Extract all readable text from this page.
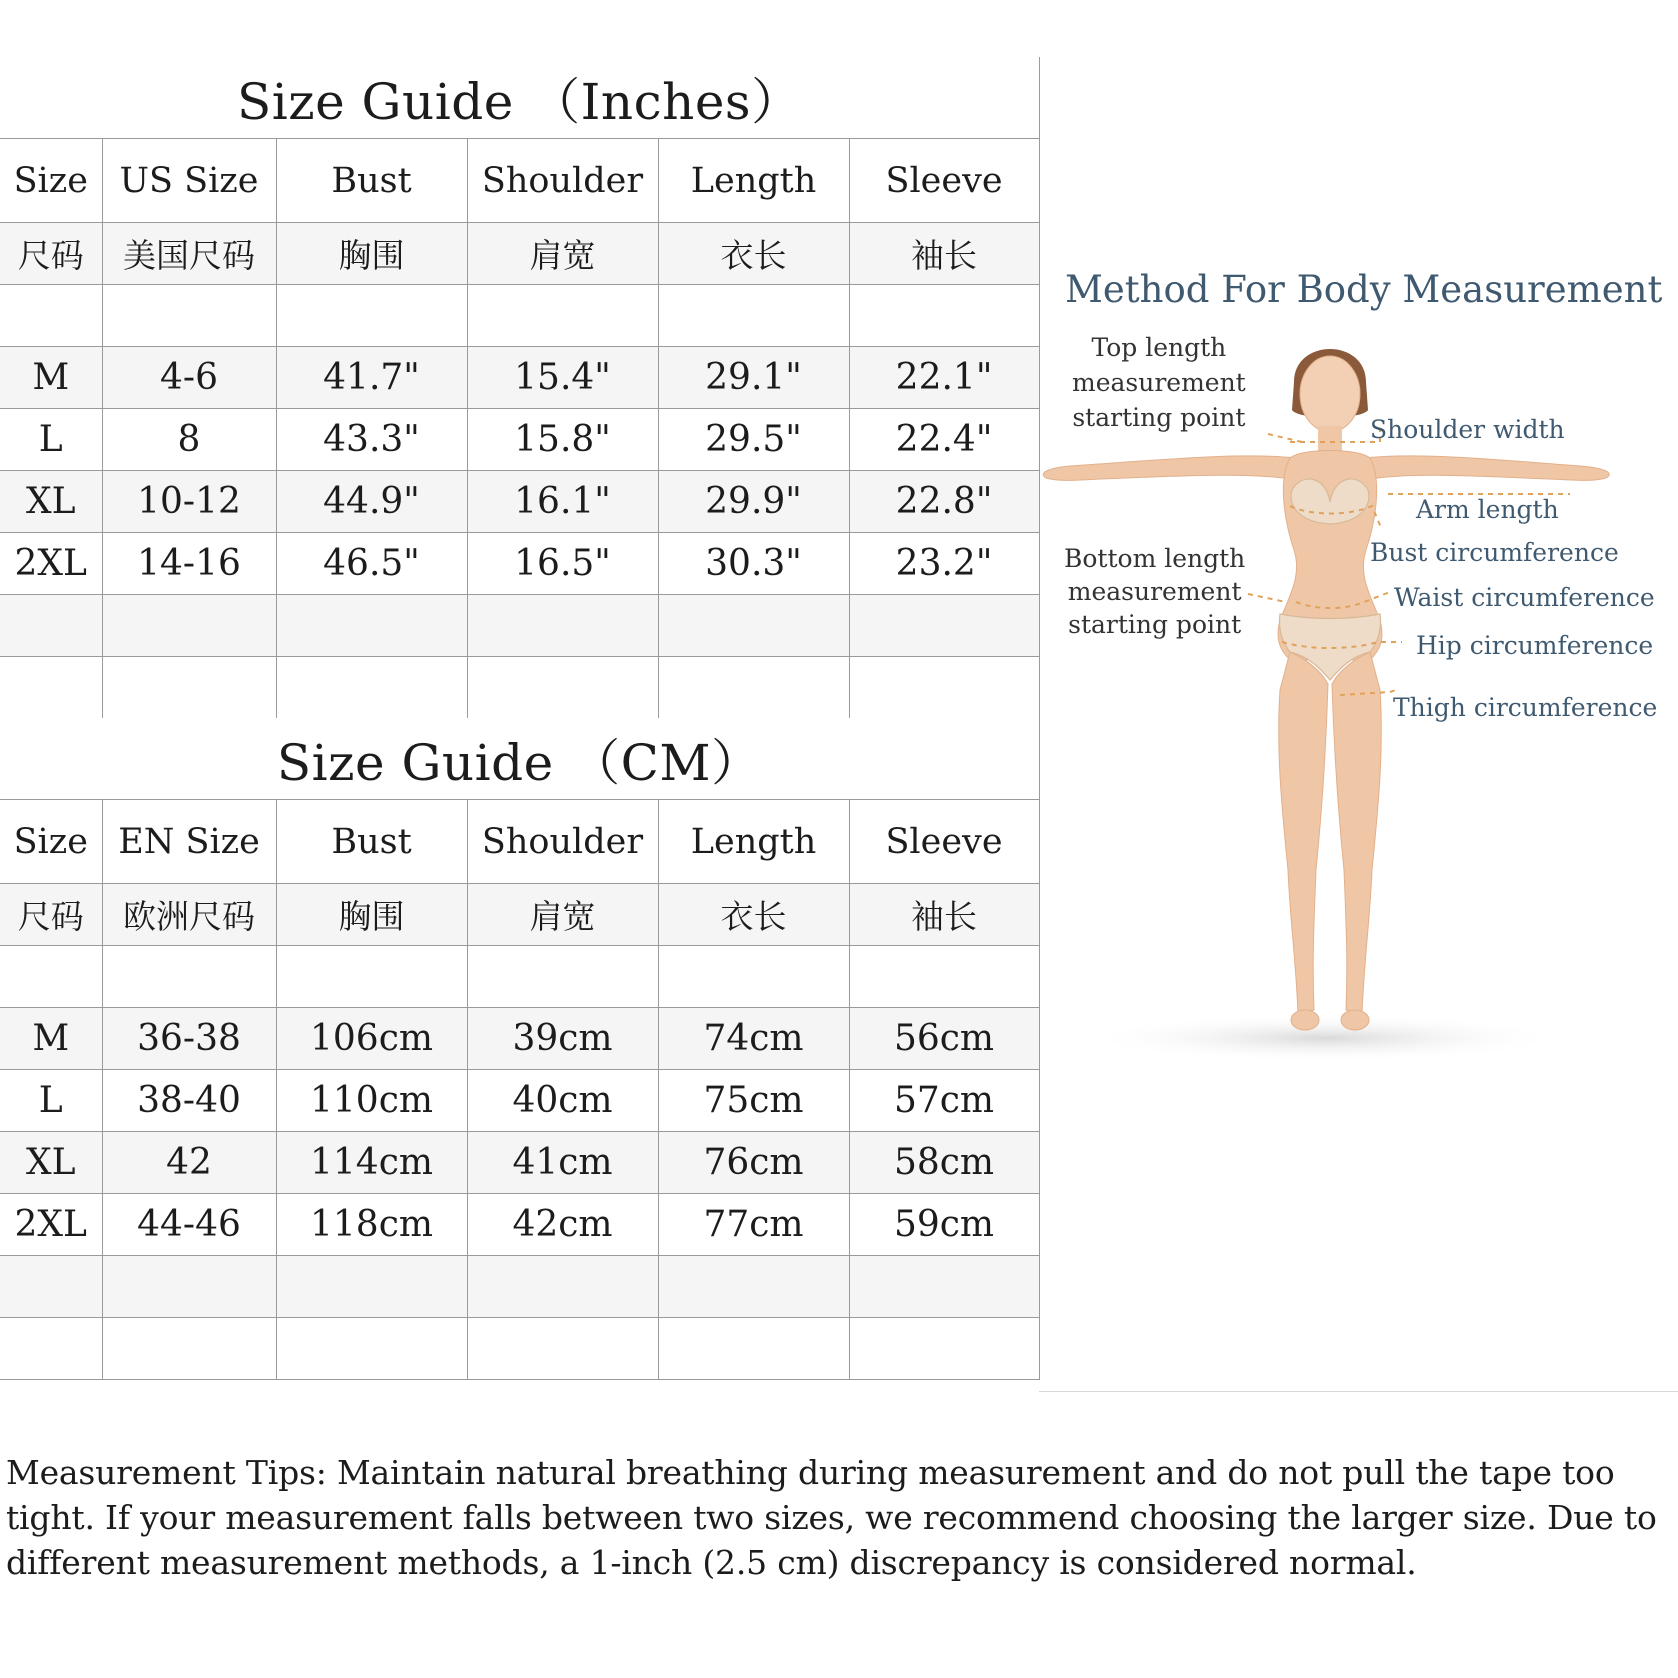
Size Guide （Inches）					
Size	US Size	Bust	Shoulder	Length	Sleeve
尺码	美国尺码	胸围	肩宽	衣长	袖长

M	4-6	41.7"	15.4"	29.1"	22.1"
L	8	43.3"	15.8"	29.5"	22.4"
XL	10-12	44.9"	16.1"	29.9"	22.8"
2XL	14-16	46.5"	16.5"	30.3"	23.2"

Size Guide （CM）					
Size	EN Size	Bust	Shoulder	Length	Sleeve
尺码	欧洲尺码	胸围	肩宽	衣长	袖长

M	36-38	106cm	39cm	74cm	56cm
L	38-40	110cm	40cm	75cm	57cm
XL	42	114cm	41cm	76cm	58cm
2XL	44-46	118cm	42cm	77cm	59cm

Method For Body Measurement
Top length
measurement
starting point	Shoulder width
Arm length
Bust circumference
Bottom length
measurement
starting point
Waist circumference
Hip circumference
Thigh circumference
Measurement Tips: Maintain natural breathing during measurement and do not pull the tape too tight. If your measurement falls between two sizes, we recommend choosing the larger size. Due to different measurement methods, a 1-inch (2.5 cm) discrepancy is considered normal.
